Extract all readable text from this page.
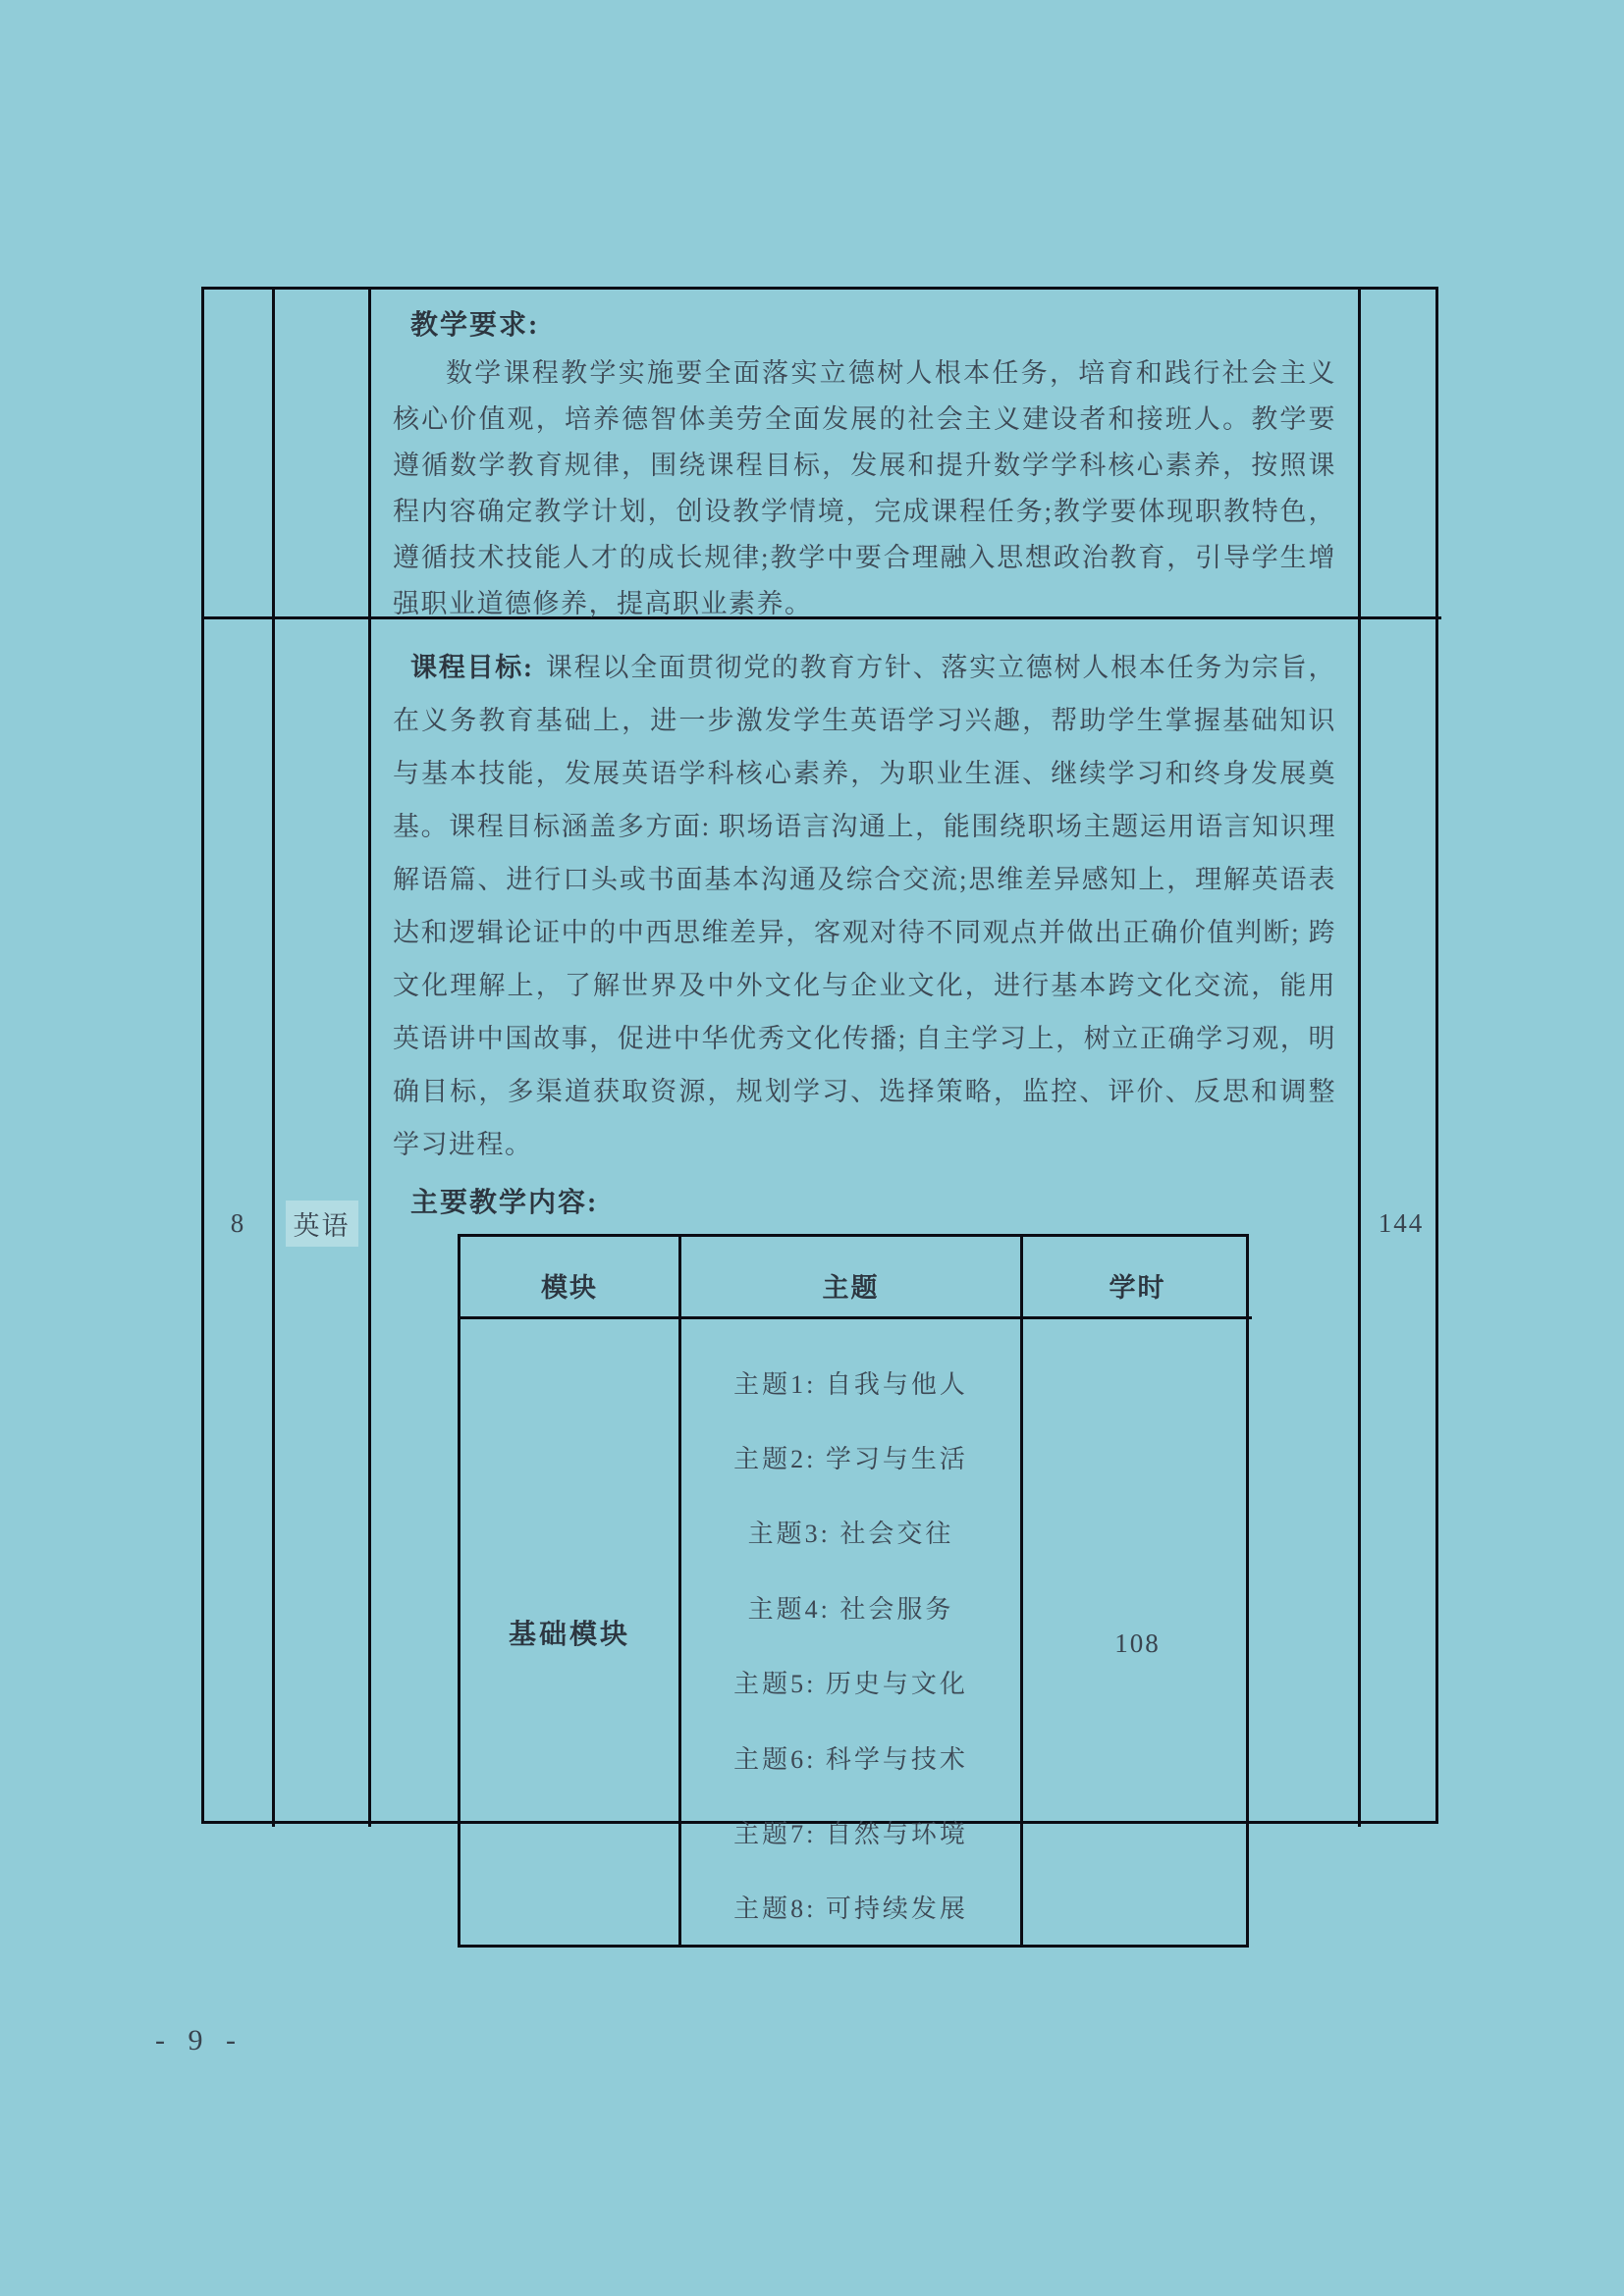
教学要求:

数学课程教学实施要全面落实立德树人根本任务，培育和践行社会主义核心价值观，培养德智体美劳全面发展的社会主义建设者和接班人。教学要遵循数学教育规律，围绕课程目标，发展和提升数学学科核心素养，按照课程内容确定教学计划，创设教学情境，完成课程任务;教学要体现职教特色，遵循技术技能人才的成长规律;教学中要合理融入思想政治教育，引导学生增强职业道德修养，提高职业素养。

8 英语

课程目标: 课程以全面贯彻党的教育方针、落实立德树人根本任务为宗旨，在义务教育基础上，进一步激发学生英语学习兴趣，帮助学生掌握基础知识与基本技能，发展英语学科核心素养，为职业生涯、继续学习和终身发展奠基。课程目标涵盖多方面: 职场语言沟通上，能围绕职场主题运用语言知识理解语篇、进行口头或书面基本沟通及综合交流;思维差异感知上，理解英语表达和逻辑论证中的中西思维差异，客观对待不同观点并做出正确价值判断; 跨文化理解上，了解世界及中外文化与企业文化，进行基本跨文化交流，能用英语讲中国故事，促进中华优秀文化传播; 自主学习上，树立正确学习观，明确目标，多渠道获取资源，规划学习、选择策略，监控、评价、反思和调整学习进程。

主要教学内容:
模块	主题	学时
基础模块
主题1: 自我与他人
主题2: 学习与生活
主题3: 社会交往
主题4: 社会服务
主题5: 历史与文化
主题6: 科学与技术
主题7: 自然与环境
主题8: 可持续发展
108
144
- 9 -
